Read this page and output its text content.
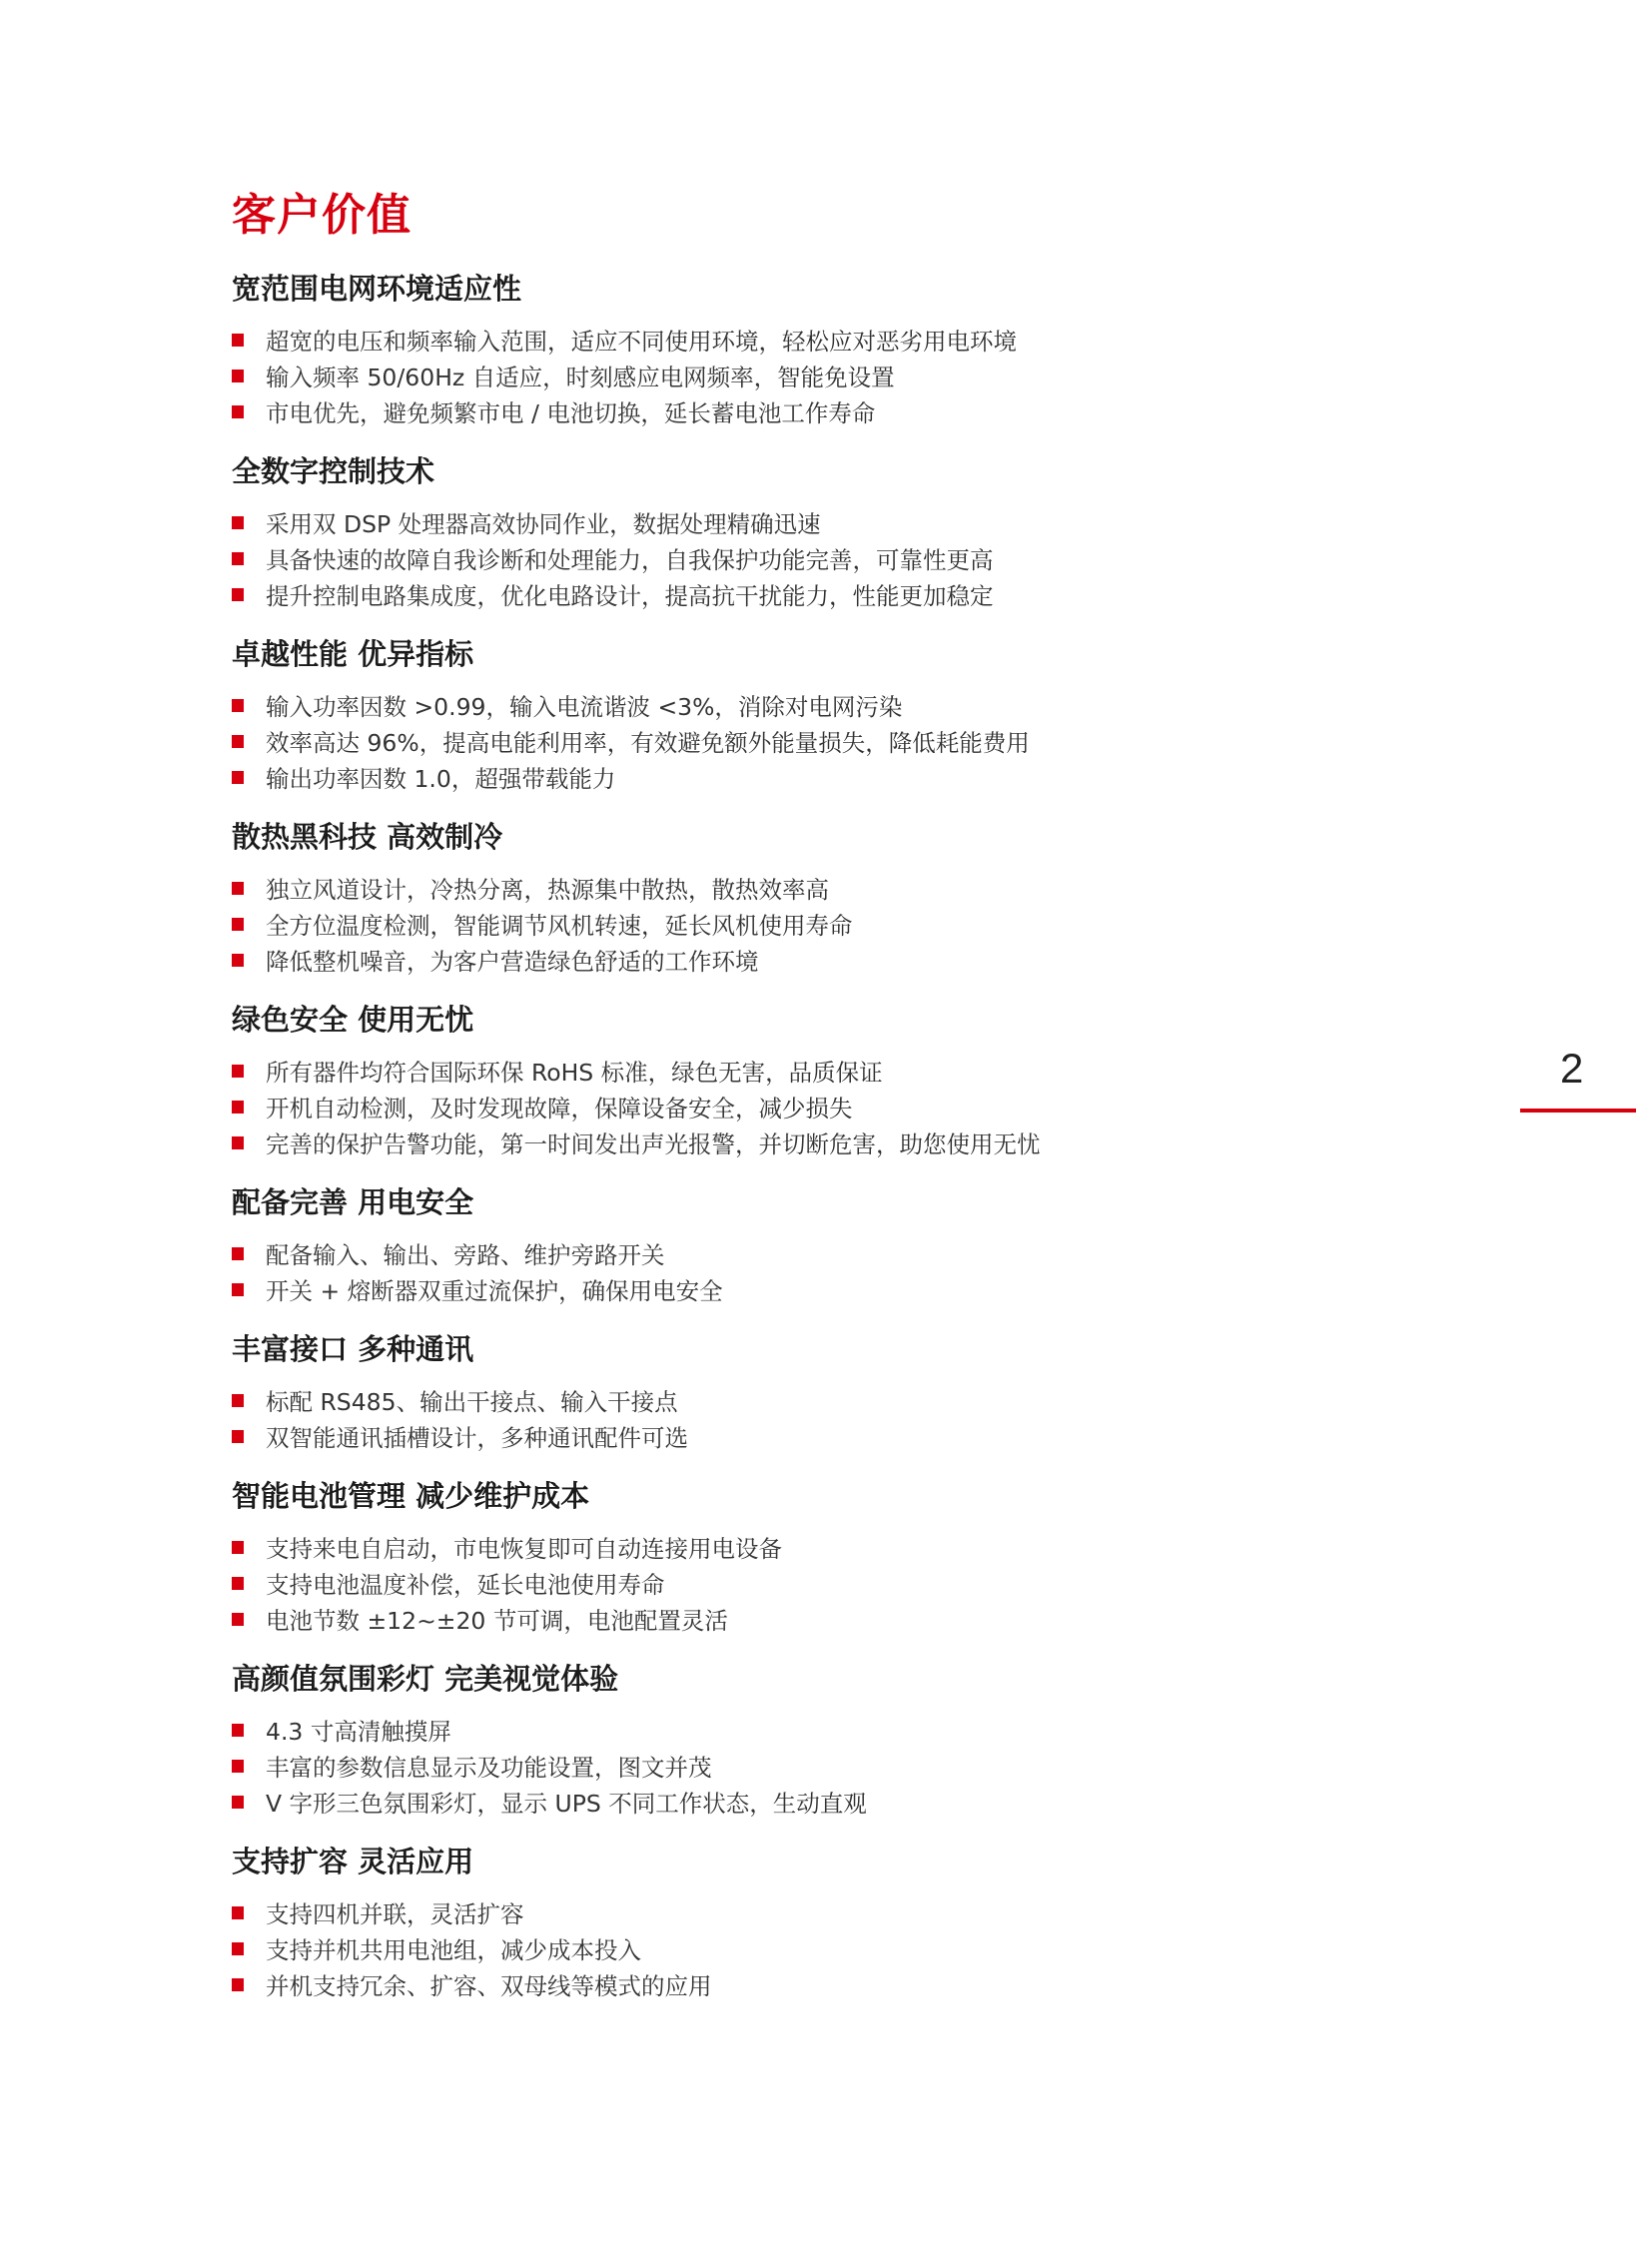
客户价值
宽范围电网环境适应性
超宽的电压和频率输入范围，适应不同使用环境，轻松应对恶劣用电环境
输入频率 50/60Hz 自适应，时刻感应电网频率，智能免设置
市电优先，避免频繁市电 / 电池切换，延长蓄电池工作寿命
全数字控制技术
采用双 DSP 处理器高效协同作业，数据处理精确迅速
具备快速的故障自我诊断和处理能力，自我保护功能完善，可靠性更高
提升控制电路集成度，优化电路设计，提高抗干扰能力，性能更加稳定
卓越性能 优异指标
输入功率因数 >0.99，输入电流谐波 <3%，消除对电网污染
效率高达 96%，提高电能利用率，有效避免额外能量损失，降低耗能费用
输出功率因数 1.0，超强带载能力
散热黑科技 高效制冷
独立风道设计，冷热分离，热源集中散热，散热效率高
全方位温度检测，智能调节风机转速，延长风机使用寿命
降低整机噪音，为客户营造绿色舒适的工作环境
绿色安全 使用无忧
所有器件均符合国际环保 RoHS 标准，绿色无害，品质保证
开机自动检测，及时发现故障，保障设备安全，减少损失
完善的保护告警功能，第一时间发出声光报警，并切断危害，助您使用无忧
配备完善 用电安全
配备输入、输出、旁路、维护旁路开关
开关 + 熔断器双重过流保护，确保用电安全
丰富接口 多种通讯
标配 RS485、输出干接点、输入干接点
双智能通讯插槽设计，多种通讯配件可选
智能电池管理 减少维护成本
支持来电自启动，市电恢复即可自动连接用电设备
支持电池温度补偿，延长电池使用寿命
电池节数 ±12~±20 节可调，电池配置灵活
高颜值氛围彩灯 完美视觉体验
4.3 寸高清触摸屏
丰富的参数信息显示及功能设置，图文并茂
V 字形三色氛围彩灯，显示 UPS 不同工作状态，生动直观
支持扩容 灵活应用
支持四机并联，灵活扩容
支持并机共用电池组，减少成本投入
并机支持冗余、扩容、双母线等模式的应用
2
